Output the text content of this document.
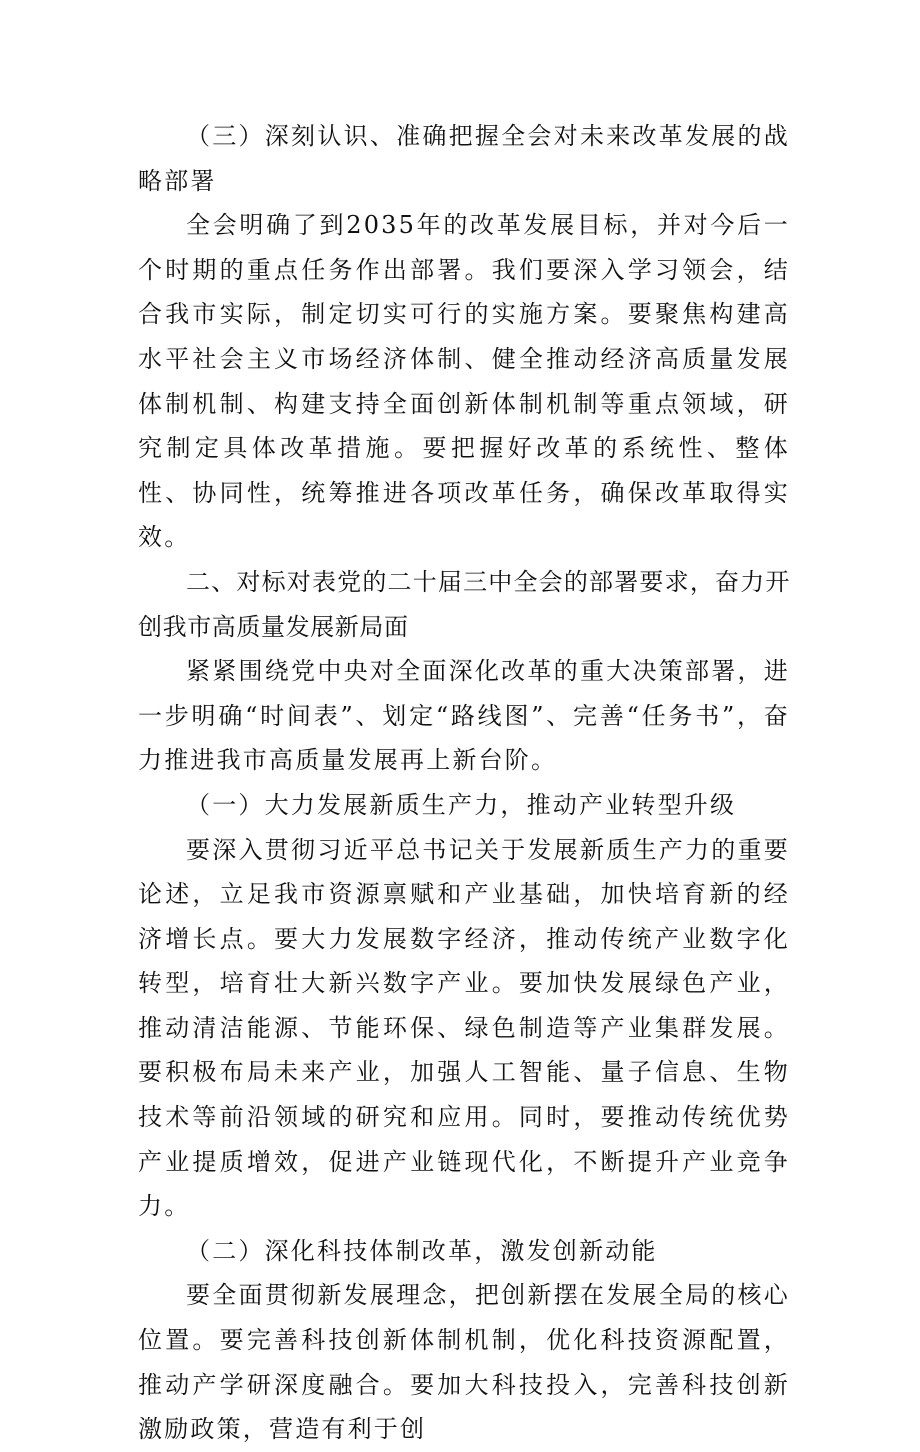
（三）深刻认识、准确把握全会对未来改革发展的战略部署

全会明确了到2035年的改革发展目标，并对今后一个时期的重点任务作出部署。我们要深入学习领会，结合我市实际，制定切实可行的实施方案。要聚焦构建高水平社会主义市场经济体制、健全推动经济高质量发展体制机制、构建支持全面创新体制机制等重点领域，研究制定具体改革措施。要把握好改革的系统性、整体性、协同性，统筹推进各项改革任务，确保改革取得实效。

二、对标对表党的二十届三中全会的部署要求，奋力开创我市高质量发展新局面

紧紧围绕党中央对全面深化改革的重大决策部署，进一步明确“时间表”、划定“路线图”、完善“任务书”，奋力推进我市高质量发展再上新台阶。

（一）大力发展新质生产力，推动产业转型升级

要深入贯彻习近平总书记关于发展新质生产力的重要论述，立足我市资源禀赋和产业基础，加快培育新的经济增长点。要大力发展数字经济，推动传统产业数字化转型，培育壮大新兴数字产业。要加快发展绿色产业，推动清洁能源、节能环保、绿色制造等产业集群发展。要积极布局未来产业，加强人工智能、量子信息、生物技术等前沿领域的研究和应用。同时，要推动传统优势产业提质增效，促进产业链现代化，不断提升产业竞争力。

（二）深化科技体制改革，激发创新动能

要全面贯彻新发展理念，把创新摆在发展全局的核心位置。要完善科技创新体制机制，优化科技资源配置，推动产学研深度融合。要加大科技投入，完善科技创新激励政策，营造有利于创
